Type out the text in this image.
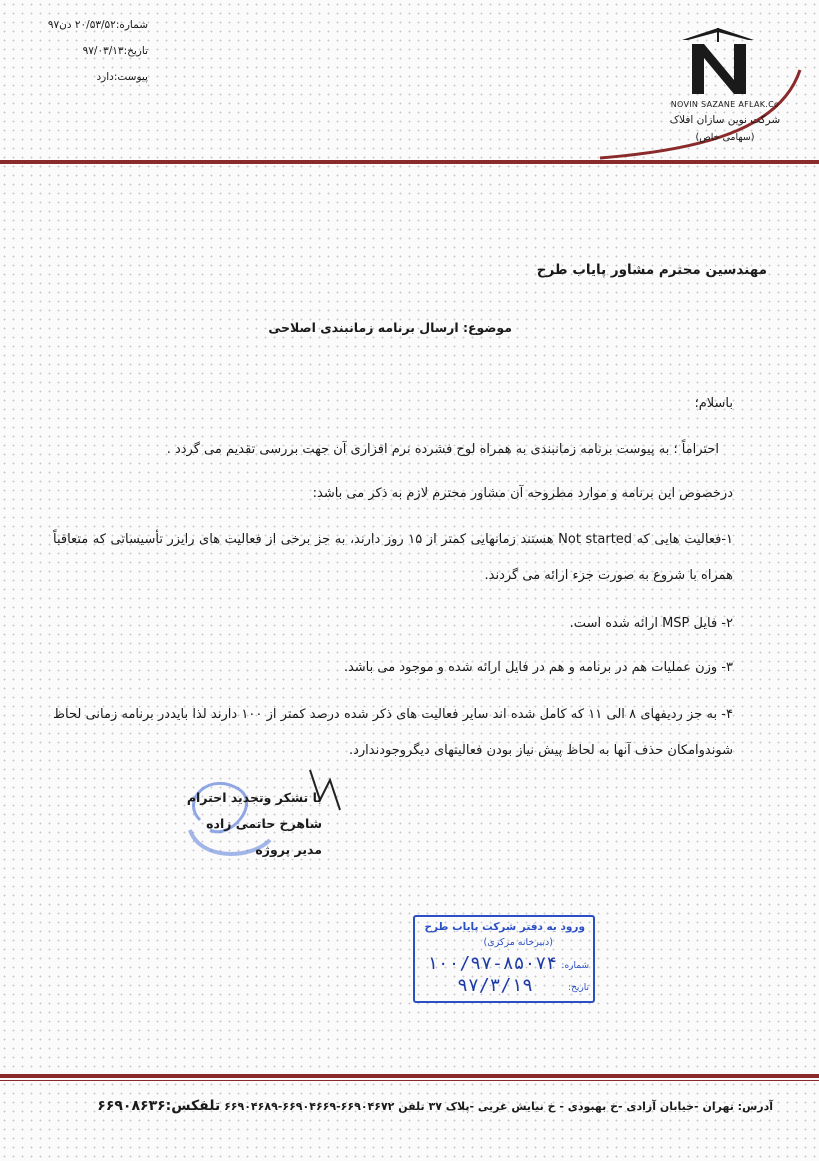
شماره:۲۰/۵۳/۵۲ دن۹۷
تاریخ:۹۷/۰۳/۱۳
پیوست:دارد
NOVIN SAZANE AFLAK.Co
شرکت نوین سازان افلاک
(سهامی خاص)
مهندسین محترم مشاور پایاب طرح
موضوع: ارسال برنامه زمانبندی اصلاحی
باسلام؛
احتراماً ؛ به پیوست برنامه زمانبندی به همراه لوح فشرده نرم افزاری آن جهت بررسی تقدیم می گردد .
درخصوص این برنامه و موارد مطروحه آن مشاور محترم لازم به ذکر می باشد:
۱-فعالیت هایی که Not started هستند زمانهایی کمتر از ۱۵ روز دارند، به جز برخی از فعالیت های رایزر تأسیساتی که متعاقباً همراه با شروع به صورت جزء ارائه می گردند.
۲- فایل MSP ارائه شده است.
۳- وزن عملیات هم در برنامه و هم در فایل ارائه شده و موجود می باشد.
۴- به جز ردیفهای ۸ الی ۱۱ که کامل شده اند سایر فعالیت های ذکر شده درصد کمتر از ۱۰۰ دارند لذا بایددر برنامه زمانی لحاظ شوندوامکان حذف آنها به لحاظ پیش نیاز بودن فعالیتهای دیگروجودندارد.
با تشکر وتجدید احترام
شاهرخ حاتمی زاده
مدیر پروژه
ورود به دفتر شرکت پایاب طرح
(دبیرخانه مرکزی)
شماره:
۱۰۰/۹۷-۸۵۰۷۴
تاریخ:
۹۷/۳/۱۹
آدرس: تهران -خیابان آزادی -خ بهبودی - خ نیایش غربی -پلاک ۳۷ تلفن ۶۶۹۰۴۶۷۲-۶۶۹۰۴۶۶۹-۶۶۹۰۴۶۸۹ تلفکس:۶۶۹۰۸۶۳۶
